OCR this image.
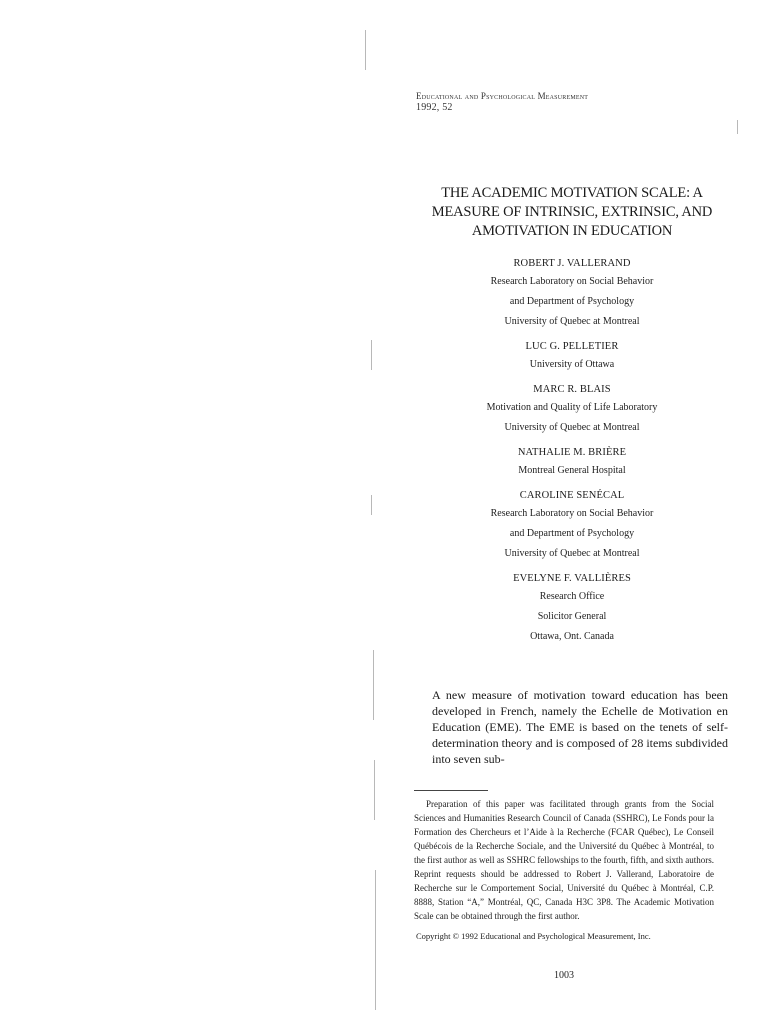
Educational and Psychological Measurement
1992, 52
THE ACADEMIC MOTIVATION SCALE: A MEASURE OF INTRINSIC, EXTRINSIC, AND AMOTIVATION IN EDUCATION
ROBERT J. VALLERAND
Research Laboratory on Social Behavior
and Department of Psychology
University of Quebec at Montreal
LUC G. PELLETIER
University of Ottawa
MARC R. BLAIS
Motivation and Quality of Life Laboratory
University of Quebec at Montreal
NATHALIE M. BRIÈRE
Montreal General Hospital
CAROLINE SENÉCAL
Research Laboratory on Social Behavior
and Department of Psychology
University of Quebec at Montreal
EVELYNE F. VALLIÈRES
Research Office
Solicitor General
Ottawa, Ont. Canada

A new measure of motivation toward education has been developed in French, namely the Echelle de Motivation en Education (EME). The EME is based on the tenets of self-determination theory and is composed of 28 items subdivided into seven sub-

Preparation of this paper was facilitated through grants from the Social Sciences and Humanities Research Council of Canada (SSHRC), Le Fonds pour la Formation des Chercheurs et l’Aide à la Recherche (FCAR Québec), Le Conseil Québécois de la Recherche Sociale, and the Université du Québec à Montréal, to the first author as well as SSHRC fellowships to the fourth, fifth, and sixth authors. Reprint requests should be addressed to Robert J. Vallerand, Laboratoire de Recherche sur le Comportement Social, Université du Québec à Montréal, C.P. 8888, Station “A,” Montréal, QC, Canada H3C 3P8. The Academic Motivation Scale can be obtained through the first author.

Copyright © 1992 Educational and Psychological Measurement, Inc.
1003
